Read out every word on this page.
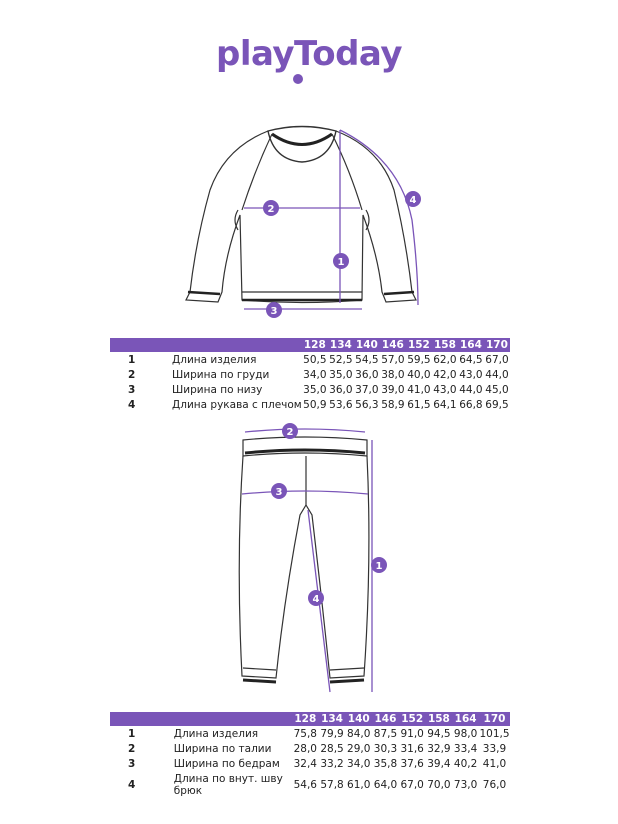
playToday
1
2
3
4
1
2
3
4
		128	134	140	146	152	158	164	170
1	Длина изделия	50,5	52,5	54,5	57,0	59,5	62,0	64,5	67,0
2	Ширина по груди	34,0	35,0	36,0	38,0	40,0	42,0	43,0	44,0
3	Ширина по низу	35,0	36,0	37,0	39,0	41,0	43,0	44,0	45,0
4	Длина рукава с плечом	50,9	53,6	56,3	58,9	61,5	64,1	66,8	69,5
		128	134	140	146	152	158	164	170
1	Длина изделия	75,8	79,9	84,0	87,5	91,0	94,5	98,0	101,5
2	Ширина по талии	28,0	28,5	29,0	30,3	31,6	32,9	33,4	33,9
3	Ширина по бедрам	32,4	33,2	34,0	35,8	37,6	39,4	40,2	41,0
4	Длина по внут. шву брюк	54,6	57,8	61,0	64,0	67,0	70,0	73,0	76,0
